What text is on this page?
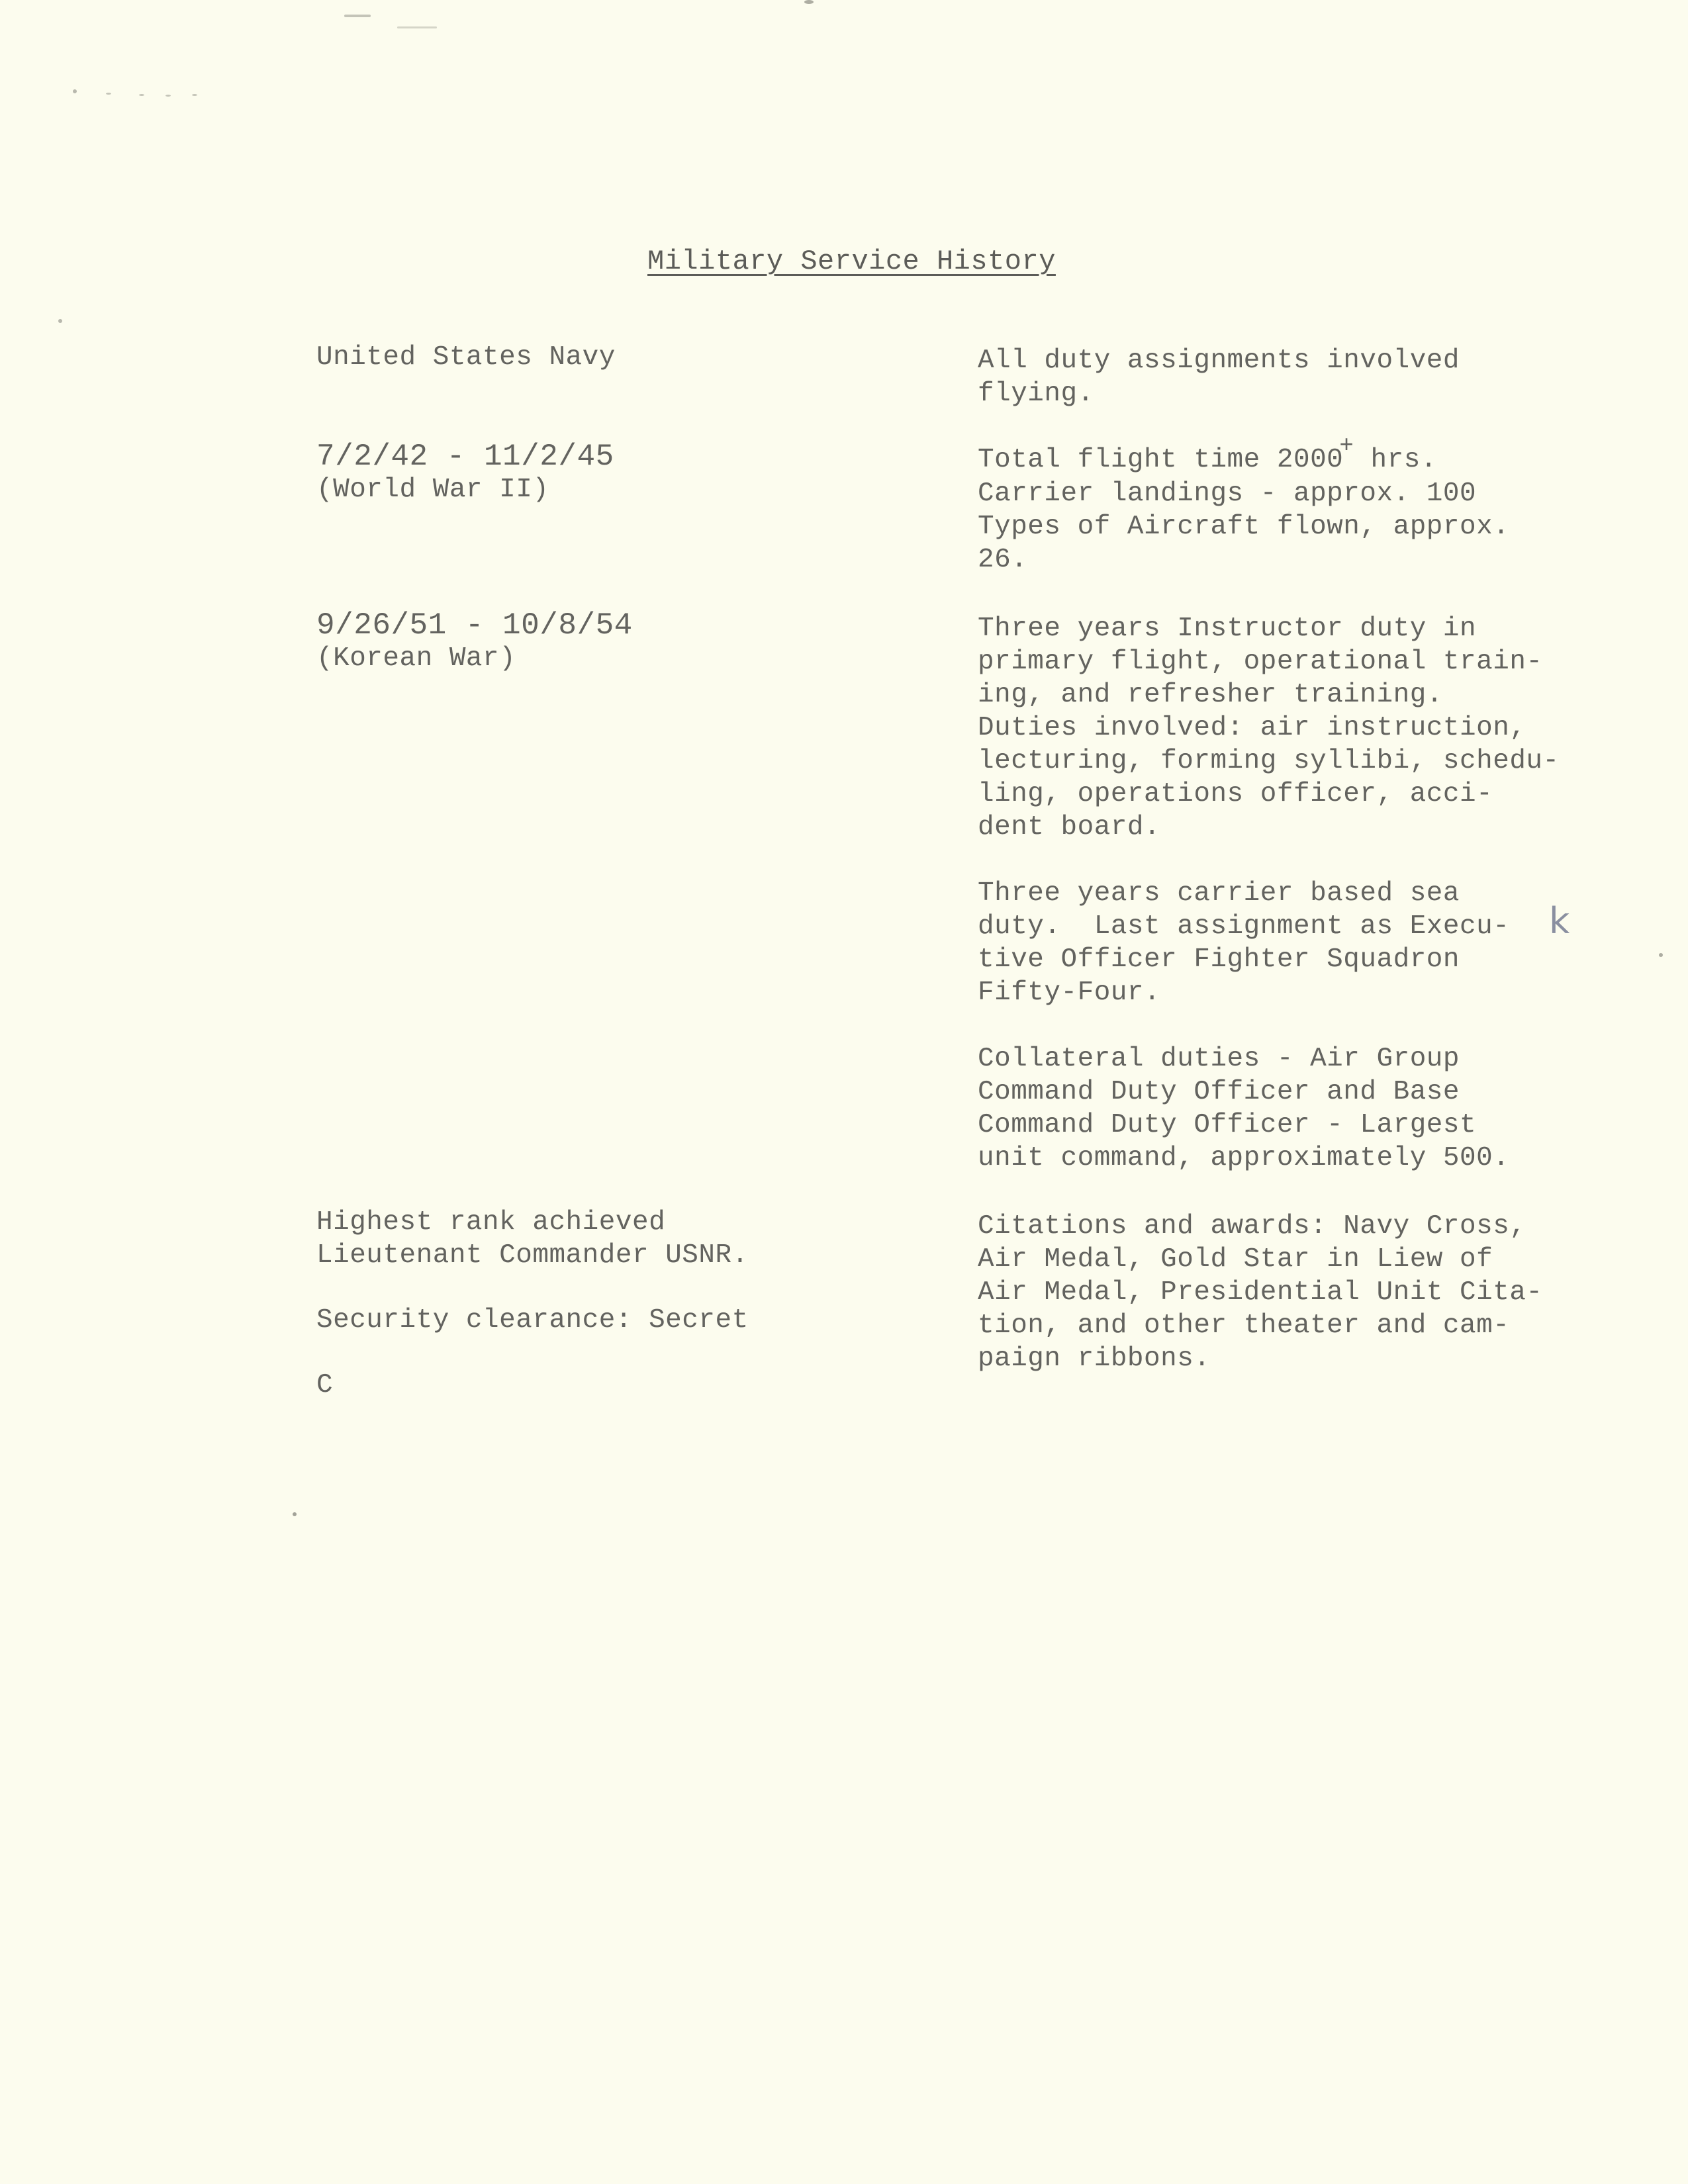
Military Service History

United States Navy

7/2/42 - 11/2/45

(World War II)

9/26/51 - 10/8/54

(Korean War)

Highest rank achieved

Lieutenant Commander USNR.

Security clearance: Secret

C

All duty assignments involved

flying.

Total flight time 2000+ hrs.

Carrier landings - approx. 100

Types of Aircraft flown, approx.

26.

Three years Instructor duty in

primary flight, operational train-

ing, and refresher training.

Duties involved: air instruction,

lecturing, forming syllibi, schedu-

ling, operations officer, acci-

dent board.

Three years carrier based sea

duty.  Last assignment as Execu-

tive Officer Fighter Squadron

Fifty-Four.

Collateral duties - Air Group

Command Duty Officer and Base

Command Duty Officer - Largest

unit command, approximately 500.

Citations and awards: Navy Cross,

Air Medal, Gold Star in Liew of

Air Medal, Presidential Unit Cita-

tion, and other theater and cam-

paign ribbons.

k
